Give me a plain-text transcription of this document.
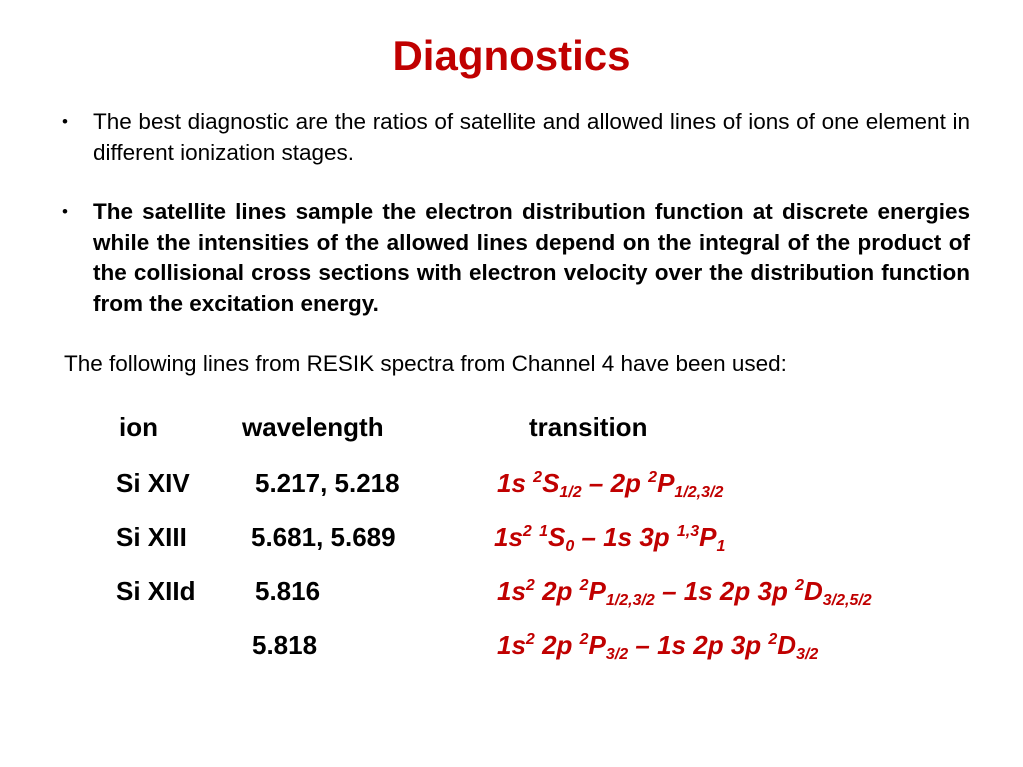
Diagnostics
• The best diagnostic are the ratios of satellite and allowed lines of ions of one element in different ionization stages.
• The satellite lines sample the electron distribution function at discrete energies while the intensities of the allowed lines depend on the integral of the product of the collisional cross sections with electron velocity over the distribution function from the excitation energy.
The following lines from RESIK spectra from Channel 4 have been used:
ion	wavelength	transition
Si XIV	5.217, 5.218	1s $^2S_{1/2} - 2p$ $^2P_{1/2,3/2}$
Si XIII 5.681, 5.689	$1s^2$ $^1S_0 - 1s$ 3p $^{1,3}P_1$
Si XIId 5.816	$1s^2$ 2p $^2P_{1/2,3/2} - 1s$ 2p 3p $^2D_{3/2,5/2}$
5.818	$1s^2$ 2p $^2P_{3/2} - 1s$ 2p 3p $^2D_{3/2}$
